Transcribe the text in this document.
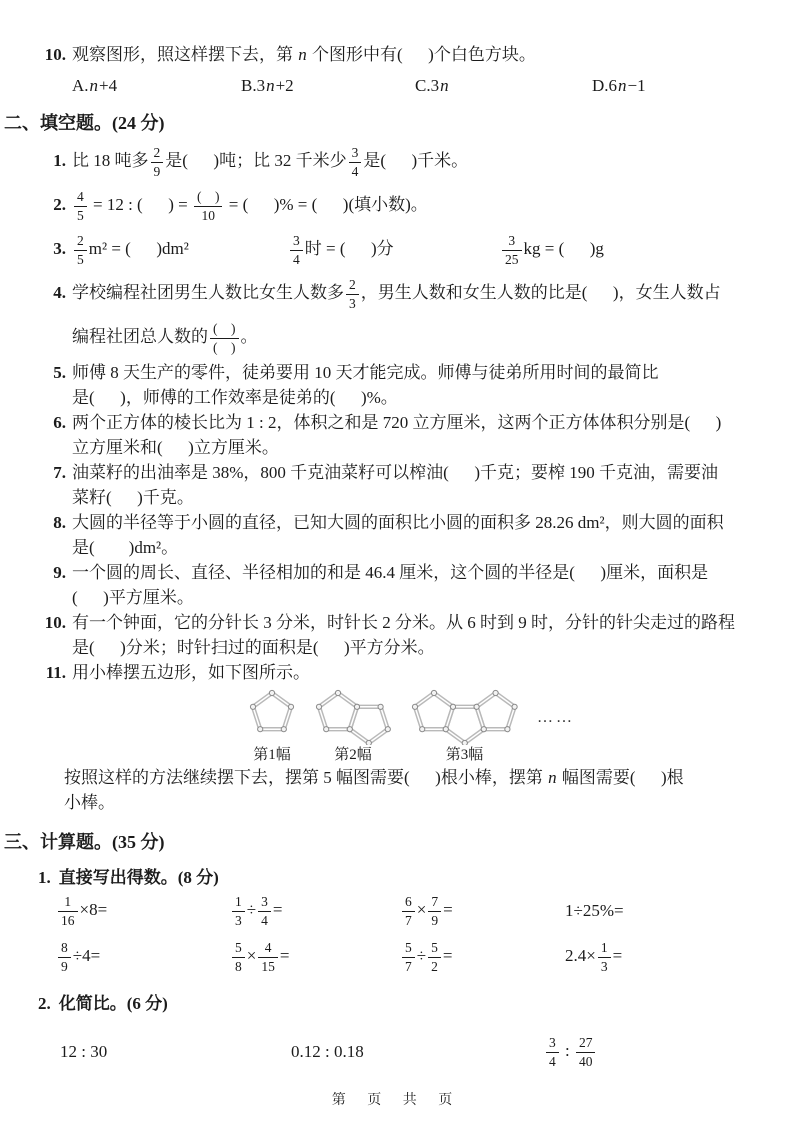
10. 观察图形，照这样摆下去，第 n 个图形中有(      )个白色方块。
A.n+4	B.3n+2	C.3n	D.6n−1
二、填空题。(24 分)
1. 比 18 吨多 $\frac{2}{9}$ 是(      )吨；比 32 千米少 $\frac{3}{4}$ 是(      )千米。
2. $\frac{4}{5} = 12$ : (      ) = $\frac{( )}{10}$ = (      )% = (      )(填小数)。
3. $\frac{2}{5} m^2$ = (      )dm²	$\frac{3}{4}$ 时 = (      )分	$\frac{3}{25}$ kg = (      )g
4. 学校编程社团男生人数比女生人数多 $\frac{2}{3}$ ，男生人数和女生人数的比是(      )，女生人数占
编程社团总人数的 $\frac{( )}{( )}$ 。
5. 师傅 8 天生产的零件，徒弟要用 10 天才能完成。师傅与徒弟所用时间的最简比
是(      )，师傅的工作效率是徒弟的(      )%。
6. 两个正方体的棱长比为 1 : 2，体积之和是 720 立方厘米，这两个正方体体积分别是(      )
立方厘米和(      )立方厘米。
7. 油菜籽的出油率是 38%，800 千克油菜籽可以榨油(      )千克；要榨 190 千克油，需要油
菜籽(      )千克。
8. 大圆的半径等于小圆的直径，已知大圆的面积比小圆的面积多 28.26 dm²，则大圆的面积
是(        )dm²。
9. 一个圆的周长、直径、半径相加的和是 46.4 厘米，这个圆的半径是(      )厘米，面积是
(      )平方厘米。
10. 有一个钟面，它的分针长 3 分米，时针长 2 分米。从 6 时到 9 时，分针的针尖走过的路程
是(      )分米；时针扫过的面积是(      )平方分米。
11. 用小棒摆五边形，如下图所示。
第1幅	第2幅	第3幅
……
按照这样的方法继续摆下去，摆第 5 幅图需要(      )根小棒，摆第 n 幅图需要(      )根
小棒。
三、计算题。(35 分)
1. 直接写出得数。(8 分)
$\frac{1}{16} \times 8=$	$\frac{1}{3} \div \frac{3}{4}$ =	$\frac{6}{7} \times \frac{7}{9}$ =	1÷25%=
$\frac{8}{9} \div 4=$	$\frac{5}{8} \times \frac{4}{15}$ =	$\frac{5}{7} \div \frac{5}{2}$ =	$2.4\times \frac{1}{3}$ =
2. 化简比。(6 分)
12 : 30	0.12 : 0.18	$\frac{3}{4}$ : $\frac{27}{40}$
第 页 共 页
